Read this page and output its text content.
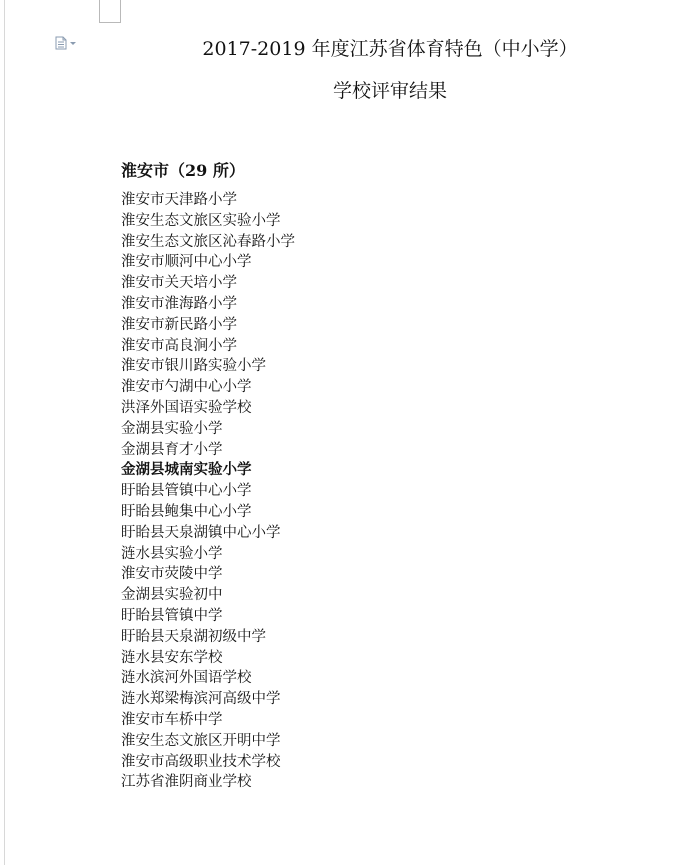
2017-2019 年度江苏省体育特色（中小学）
学校评审结果
淮安市（29 所）
淮安市天津路小学
淮安生态文旅区实验小学
淮安生态文旅区沁春路小学
淮安市顺河中心小学
淮安市关天培小学
淮安市淮海路小学
淮安市新民路小学
淮安市高良涧小学
淮安市银川路实验小学
淮安市勺湖中心小学
洪泽外国语实验学校
金湖县实验小学
金湖县育才小学
金湖县城南实验小学
盱眙县管镇中心小学
盱眙县鲍集中心小学
盱眙县天泉湖镇中心小学
涟水县实验小学
淮安市荧陵中学
金湖县实验初中
盱眙县管镇中学
盱眙县天泉湖初级中学
涟水县安东学校
涟水滨河外国语学校
涟水郑梁梅滨河高级中学
淮安市车桥中学
淮安生态文旅区开明中学
淮安市高级职业技术学校
江苏省淮阴商业学校
